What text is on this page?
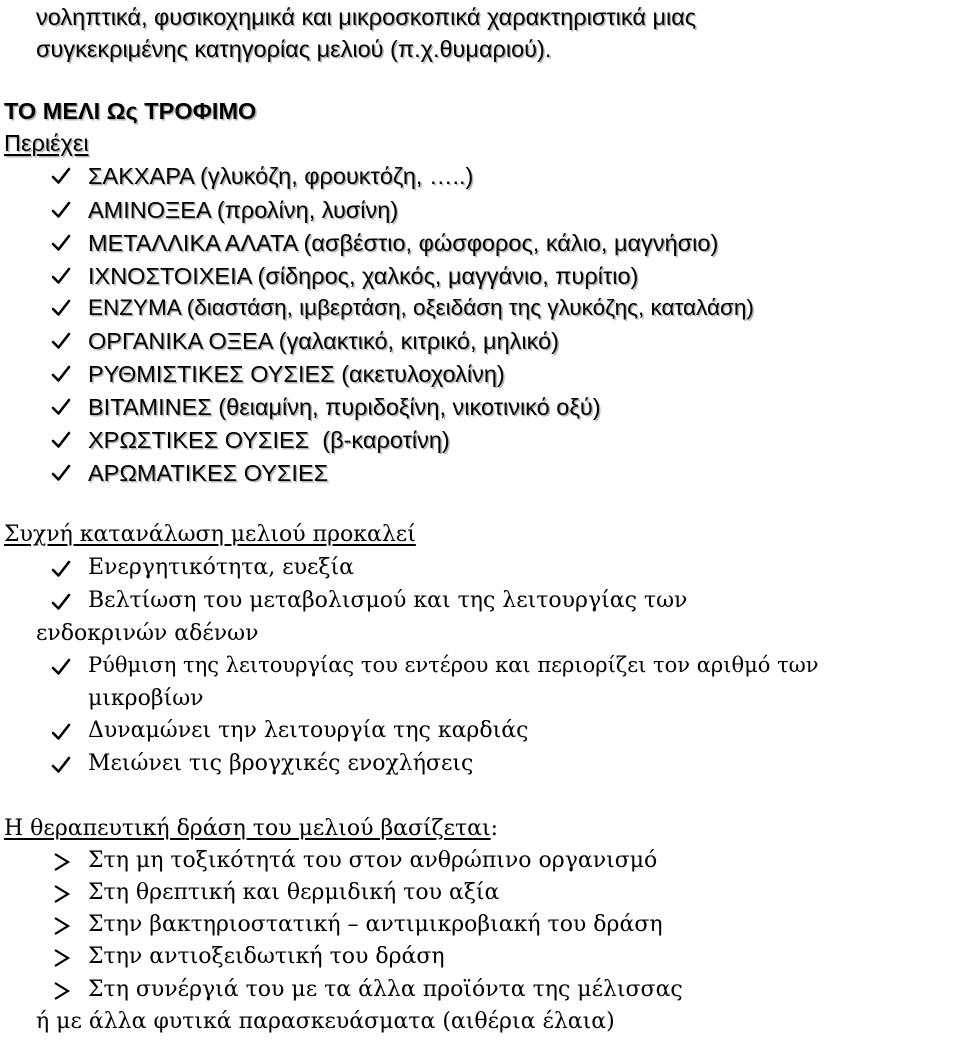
νοληπτικά, φυσικοχημικά και μικροσκοπικά χαρακτηριστικά μιας
συγκεκριμένης κατηγορίας μελιού (π.χ.θυμαριού).
ΤΟ ΜΕΛΙ Ως ΤΡΟΦΙΜΟ
Περιέχει
ΣΑΚΧΑΡΑ (γλυκόζη, φρουκτόζη, …..)
ΑΜΙΝΟΞΕΑ (προλίνη, λυσίνη)
ΜΕΤΑΛΛΙΚΑ ΑΛΑΤΑ (ασβέστιο, φώσφορος, κάλιο, μαγνήσιο)
ΙΧΝΟΣΤΟΙΧΕΙΑ (σίδηρος, χαλκός, μαγγάνιο, πυρίτιο)
ΕΝΖΥΜΑ (διαστάση, ιμβερτάση, οξειδάση της γλυκόζης, καταλάση)
ΟΡΓΑΝΙΚΑ ΟΞΕΑ (γαλακτικό, κιτρικό, μηλικό)
ΡΥΘΜΙΣΤΙΚΕΣ ΟΥΣΙΕΣ (ακετυλοχολίνη)
ΒΙΤΑΜΙΝΕΣ (θειαμίνη, πυριδοξίνη, νικοτινικό οξύ)
ΧΡΩΣΤΙΚΕΣ ΟΥΣΙΕΣ  (β-καροτίνη)
ΑΡΩΜΑΤΙΚΕΣ ΟΥΣΙΕΣ
Συχνή κατανάλωση μελιού προκαλεί
Ενεργητικότητα, ευεξία
Βελτίωση του μεταβολισμού και της λειτουργίας των
ενδοκρινών αδένων
Ρύθμιση της λειτουργίας του εντέρου και περιορίζει τον αριθμό των
μικροβίων
Δυναμώνει την λειτουργία της καρδιάς
Μειώνει τις βρογχικές ενοχλήσεις
Η θεραπευτική δράση του μελιού βασίζεται:
Στη μη τοξικότητά του στον ανθρώπινο οργανισμό
Στη θρεπτική και θερμιδική του αξία
Στην βακτηριοστατική – αντιμικροβιακή του δράση
Στην αντιοξειδωτική του δράση
Στη συνέργιά του με τα άλλα προϊόντα της μέλισσας
ή με άλλα φυτικά παρασκευάσματα (αιθέρια έλαια)
